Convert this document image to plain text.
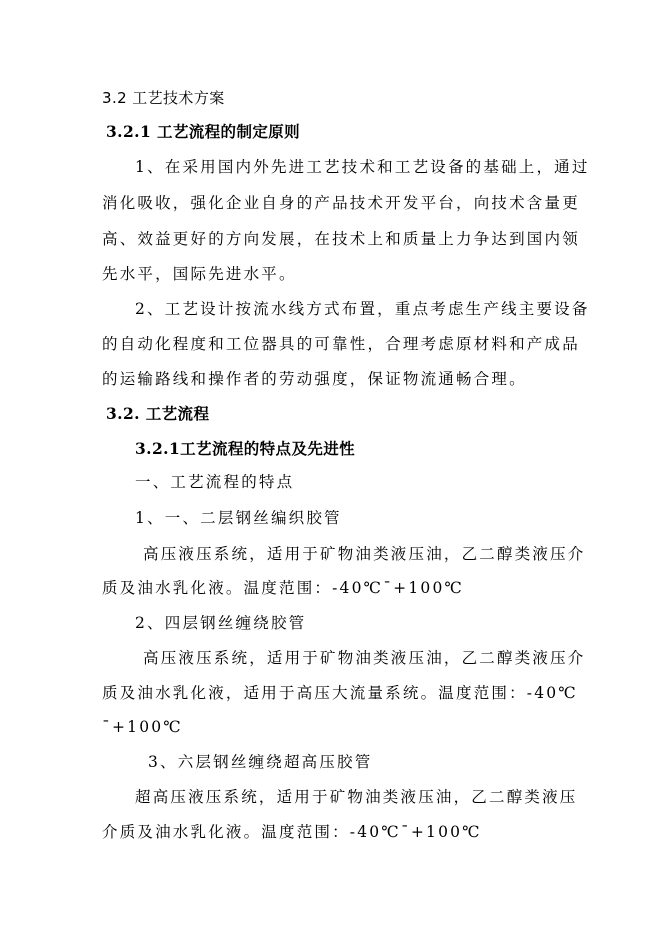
3.2 工艺技术方案
3.2.1 工艺流程的制定原则
1、在采用国内外先进工艺技术和工艺设备的基础上，通过
消化吸收，强化企业自身的产品技术开发平台，向技术含量更
高、效益更好的方向发展，在技术上和质量上力争达到国内领
先水平，国际先进水平。
2、工艺设计按流水线方式布置，重点考虑生产线主要设备
的自动化程度和工位器具的可靠性，合理考虑原材料和产成品
的运输路线和操作者的劳动强度，保证物流通畅合理。
3.2. 工艺流程
3.2.1工艺流程的特点及先进性
一、工艺流程的特点
1、一、二层钢丝编织胶管
高压液压系统，适用于矿物油类液压油，乙二醇类液压介
质及油水乳化液。温度范围：-40℃¯+100℃
2、四层钢丝缠绕胶管
高压液压系统，适用于矿物油类液压油，乙二醇类液压介
质及油水乳化液，适用于高压大流量系统。温度范围：-40℃
¯+100℃
3、六层钢丝缠绕超高压胶管
超高压液压系统，适用于矿物油类液压油，乙二醇类液压
介质及油水乳化液。温度范围：-40℃¯+100℃
